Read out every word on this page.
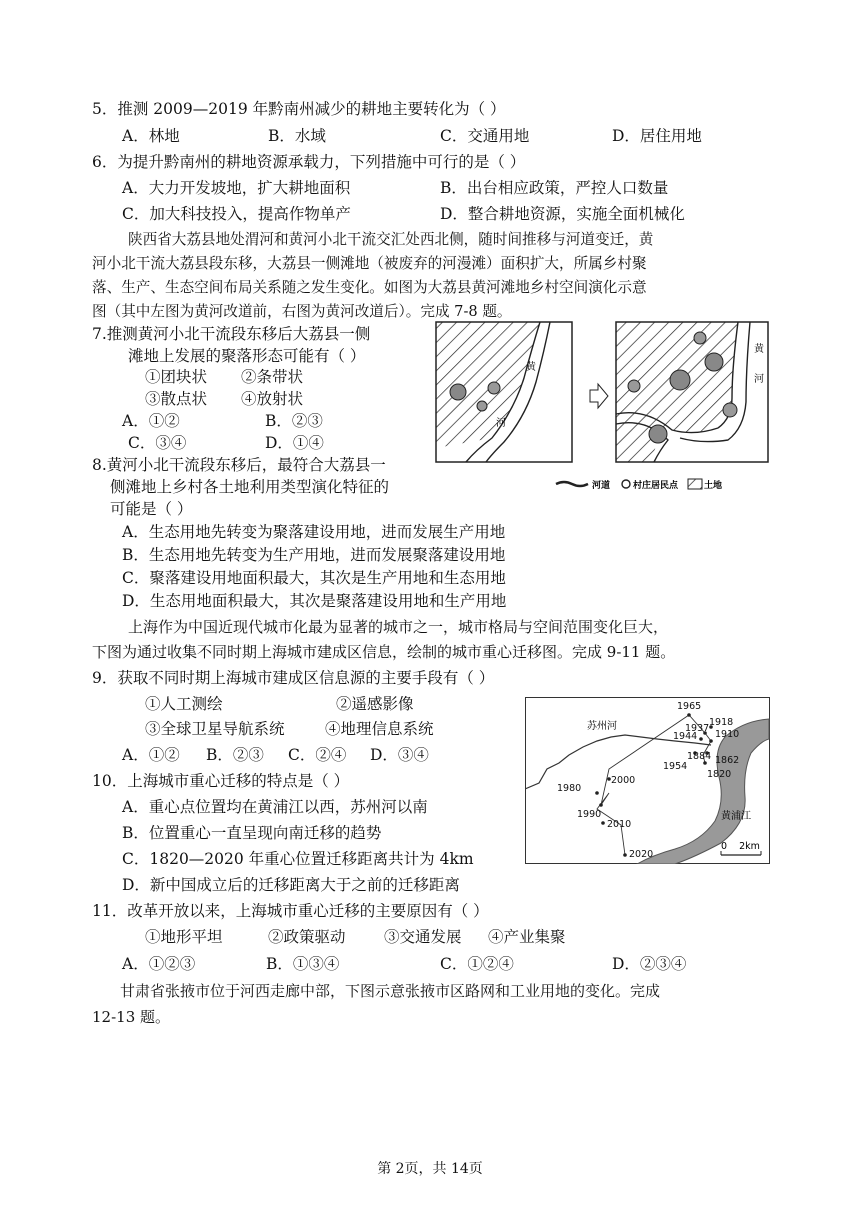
5．推测 2009—2019 年黔南州减少的耕地主要转化为（ ）
A．林地	B．水域	C．交通用地	D．居住用地
6．为提升黔南州的耕地资源承载力，下列措施中可行的是（ ）
A．大力开发坡地，扩大耕地面积	B．出台相应政策，严控人口数量
C．加大科技投入，提高作物单产	D．整合耕地资源，实施全面机械化
陕西省大荔县地处渭河和黄河小北干流交汇处西北侧，随时间推移与河道变迁，黄
河小北干流大荔县段东移，大荔县一侧滩地（被废弃的河漫滩）面积扩大，所属乡村聚
落、生产、生态空间布局关系随之发生变化。如图为大荔县黄河滩地乡村空间演化示意
图（其中左图为黄河改道前，右图为黄河改道后）。完成 7-8 题。
7.推测黄河小北干流段东移后大荔县一侧
滩地上发展的聚落形态可能有（ ）
①团块状 ②条带状
③散点状 ④放射状
A．①②	B．②③
C．③④	D．①④
8.黄河小北干流段东移后，最符合大荔县一
侧滩地上乡村各土地利用类型演化特征的
可能是（ ）
A．生态用地先转变为聚落建设用地，进而发展生产用地
B．生态用地先转变为生产用地，进而发展聚落建设用地
C．聚落建设用地面积最大，其次是生产用地和生态用地
D．生态用地面积最大，其次是聚落建设用地和生产用地
黄
河
黄
河
河道	村庄居民点	土地
上海作为中国近现代城市化最为显著的城市之一，城市格局与空间范围变化巨大，
下图为通过收集不同时期上海城市建成区信息，绘制的城市重心迁移图。完成 9-11 题。
9．获取不同时期上海城市建成区信息源的主要手段有（ ）
①人工测绘	②遥感影像
③全球卫星导航系统	④地理信息系统
A．①② B．②③ C．②④ D．③④
10．上海城市重心迁移的特点是（ ）
A．重心点位置均在黄浦江以西，苏州河以南
B．位置重心一直呈现向南迁移的趋势
C．1820—2020 年重心位置迁移距离共计为 4km
D．新中国成立后的迁移距离大于之前的迁移距离
苏州河
黄浦江
1965
1918
1937
1944 1910
1954
1884 1862
1820
2000
1980
1990
2010
2020
0    2km
11．改革开放以来，上海城市重心迁移的主要原因有（ ）
①地形平坦	②政策驱动 ③交通发展 ④产业集聚
A．①②③	B．①③④	C．①②④	D．②③④
甘肃省张掖市位于河西走廊中部，下图示意张掖市区路网和工业用地的变化。完成
12-13 题。
第 2页，共 14页
